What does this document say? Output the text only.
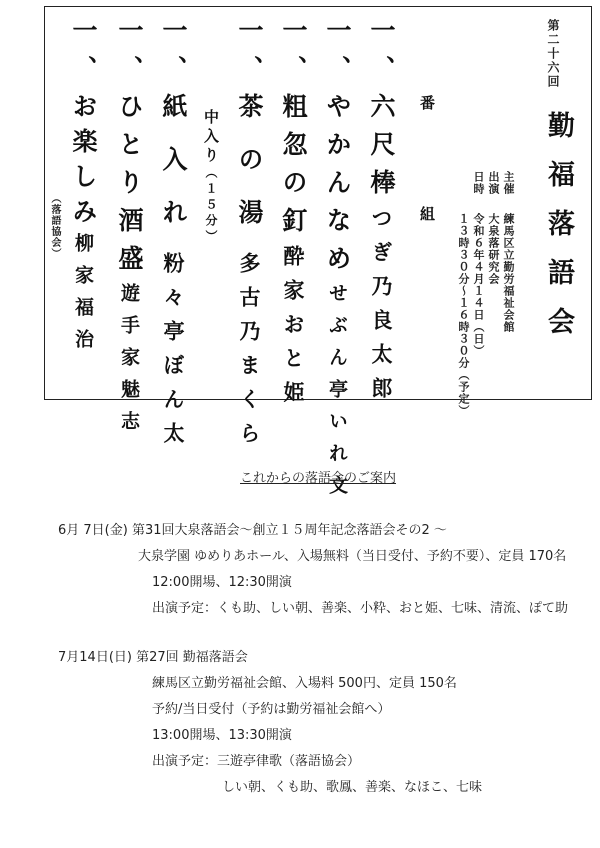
第二十六回
勤福落語会
主催
練馬区立勤労福祉会館
出演
大泉落研究会
日時
令和６年４月１４日（日）
１３時３０分～１６時３０分（予定）
番　　組
一、六尺棒つぎ乃良太郎
一、やかんなめせぶん亭いれ文
一、粗忽の釘酔家おと姫
一、茶の湯多古乃まくら
中入り（１５分）
一、紙入れ粉々亭ぼん太
一、ひとり酒盛遊手家魅志
一、お楽しみ柳家福治
（落語協会）
これからの落語会のご案内
6月 7日(金) 第31回大泉落語会～創立１５周年記念落語会その2 ～
大泉学園 ゆめりあホール、入場無料（当日受付、予約不要）、定員 170名
12:00開場、12:30開演
出演予定：くも助、しい朝、善楽、小粋、おと姫、七味、清流、ぽて助
7月14日(日) 第27回 勤福落語会
練馬区立勤労福祉会館、入場料 500円、定員 150名
予約/当日受付（予約は勤労福祉会館へ）
13:00開場、13:30開演
出演予定：三遊亭律歌（落語協会）
しい朝、くも助、歌鳳、善楽、なほこ、七味
